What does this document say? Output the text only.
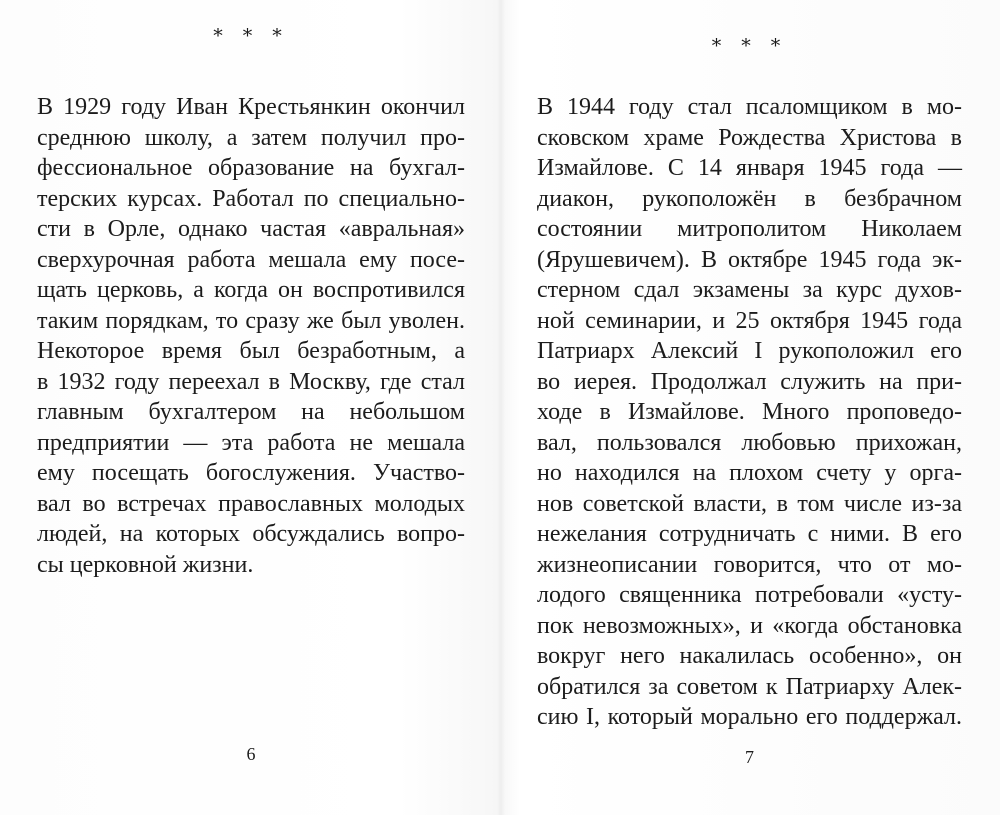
* * *

В 1929 году Иван Крестьянкин окончил
среднюю школу, а затем получил про-
фессиональное образование на бухгал-
терских курсах. Работал по специально-
сти в Орле, однако частая «авральная»
сверхурочная работа мешала ему посе-
щать церковь, а когда он воспротивился
таким порядкам, то сразу же был уволен.
Некоторое время был безработным, а
в 1932 году переехал в Москву, где стал
главным бухгалтером на небольшом
предприятии — эта работа не мешала
ему посещать богослужения. Участво-
вал во встречах православных молодых
людей, на которых обсуждались вопро-
сы церковной жизни.

6
* * *

В 1944 году стал псаломщиком в мо-
сковском храме Рождества Христова в
Измайлове. С 14 января 1945 года —
диакон, рукоположён в безбрачном
состоянии митрополитом Николаем
(Ярушевичем). В октябре 1945 года эк-
стерном сдал экзамены за курс духов-
ной семинарии, и 25 октября 1945 года
Патриарх Алексий I рукоположил его
во иерея. Продолжал служить на при-
ходе в Измайлове. Много проповедо-
вал, пользовался любовью прихожан,
но находился на плохом счету у орга-
нов советской власти, в том числе из-за
нежелания сотрудничать с ними. В его
жизнеописании говорится, что от мо-
лодого священника потребовали «усту-
пок невозможных», и «когда обстановка
вокруг него накалилась особенно», он
обратился за советом к Патриарху Алек-
сию I, который морально его поддержал.

7
